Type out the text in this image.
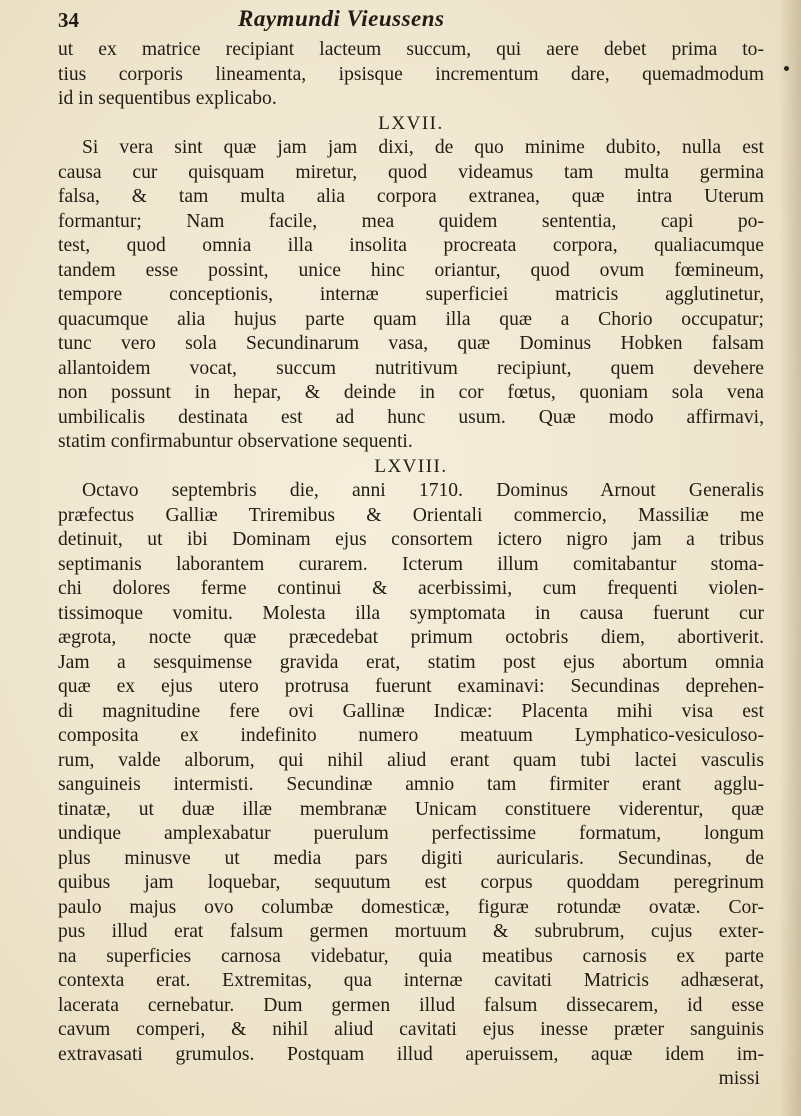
34	Raymundi Vieussens
ut ex matrice recipiant lacteum succum, qui aere debet prima to-
tius corporis lineamenta, ipsisque incrementum dare, quemadmodum
id in sequentibus explicabo.
LXVII.
Si vera sint quæ jam jam dixi, de quo minime dubito, nulla est
causa cur quisquam miretur, quod videamus tam multa germina
falsa, & tam multa alia corpora extranea, quæ intra Uterum
formantur; Nam facile, mea quidem sententia, capi po-
test, quod omnia illa insolita procreata corpora, qualiacumque
tandem esse possint, unice hinc oriantur, quod ovum fœmineum,
tempore conceptionis, internæ superficiei matricis agglutinetur,
quacumque alia hujus parte quam illa quæ a Chorio occupatur;
tunc vero sola Secundinarum vasa, quæ Dominus Hobken falsam
allantoidem vocat, succum nutritivum recipiunt, quem devehere
non possunt in hepar, & deinde in cor fœtus, quoniam sola vena
umbilicalis destinata est ad hunc usum. Quæ modo affirmavi,
statim confirmabuntur observatione sequenti.
LXVIII.
Octavo septembris die, anni 1710. Dominus Arnout Generalis
præfectus Galliæ Triremibus & Orientali commercio, Massiliæ me
detinuit, ut ibi Dominam ejus consortem ictero nigro jam a tribus
septimanis laborantem curarem. Icterum illum comitabantur stoma-
chi dolores ferme continui & acerbissimi, cum frequenti violen-
tissimoque vomitu. Molesta illa symptomata in causa fuerunt cur
ægrota, nocte quæ præcedebat primum octobris diem, abortiverit.
Jam a sesquimense gravida erat, statim post ejus abortum omnia
quæ ex ejus utero protrusa fuerunt examinavi: Secundinas deprehen-
di magnitudine fere ovi Gallinæ Indicæ: Placenta mihi visa est
composita ex indefinito numero meatuum Lymphatico-vesiculoso-
rum, valde alborum, qui nihil aliud erant quam tubi lactei vasculis
sanguineis intermisti. Secundinæ amnio tam firmiter erant agglu-
tinatæ, ut duæ illæ membranæ Unicam constituere viderentur, quæ
undique amplexabatur puerulum perfectissime formatum, longum
plus minusve ut media pars digiti auricularis. Secundinas, de
quibus jam loquebar, sequutum est corpus quoddam peregrinum
paulo majus ovo columbæ domesticæ, figuræ rotundæ ovatæ. Cor-
pus illud erat falsum germen mortuum & subrubrum, cujus exter-
na superficies carnosa videbatur, quia meatibus carnosis ex parte
contexta erat. Extremitas, qua internæ cavitati Matricis adhæserat,
lacerata cernebatur. Dum germen illud falsum dissecarem, id esse
cavum comperi, & nihil aliud cavitati ejus inesse præter sanguinis
extravasati grumulos. Postquam illud aperuissem, aquæ idem im-
missi
